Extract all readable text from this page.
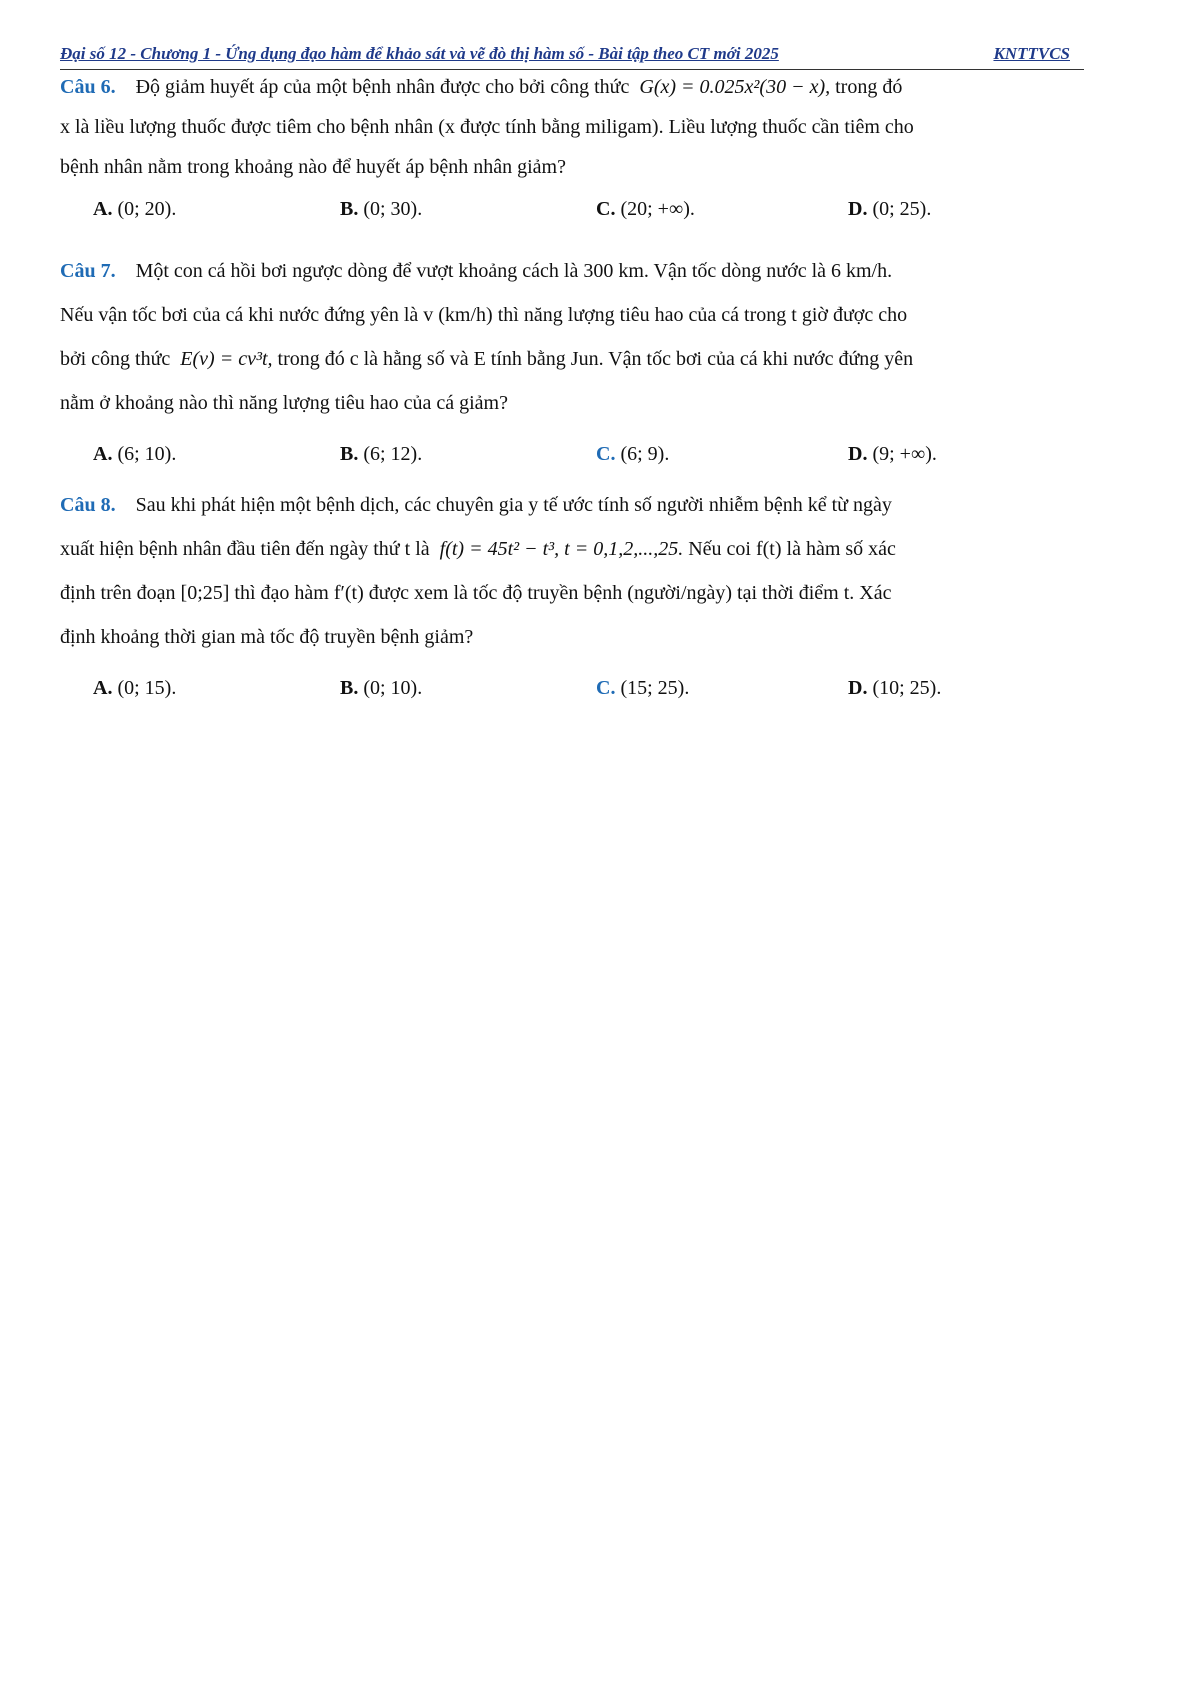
Đại số 12 - Chương 1 - Ứng dụng đạo hàm để khảo sát và vẽ đò thị hàm số - Bài tập theo CT mới 2025	KNTTVCS
Câu 6. Độ giảm huyết áp của một bệnh nhân được cho bởi công thức G(x) = 0.025x²(30 − x), trong đó
x là liều lượng thuốc được tiêm cho bệnh nhân (x được tính bằng miligam). Liều lượng thuốc cần tiêm cho
bệnh nhân nằm trong khoảng nào để huyết áp bệnh nhân giảm?
A. (0; 20).	B. (0; 30).	C. (20; +∞).	D. (0; 25).
Câu 7. Một con cá hồi bơi ngược dòng để vượt khoảng cách là 300 km. Vận tốc dòng nước là 6 km/h.
Nếu vận tốc bơi của cá khi nước đứng yên là v (km/h) thì năng lượng tiêu hao của cá trong t giờ được cho
bởi công thức E(v) = cv³t, trong đó c là hằng số và E tính bằng Jun. Vận tốc bơi của cá khi nước đứng yên
nằm ở khoảng nào thì năng lượng tiêu hao của cá giảm?
A. (6; 10).	B. (6; 12).	C. (6; 9).	D. (9; +∞).
Câu 8. Sau khi phát hiện một bệnh dịch, các chuyên gia y tế ước tính số người nhiễm bệnh kể từ ngày
xuất hiện bệnh nhân đầu tiên đến ngày thứ t là f(t) = 45t² − t³, t = 0,1,2,...,25. Nếu coi f(t) là hàm số xác
định trên đoạn [0;25] thì đạo hàm f′(t) được xem là tốc độ truyền bệnh (người/ngày) tại thời điểm t. Xác
định khoảng thời gian mà tốc độ truyền bệnh giảm?
A. (0; 15).	B. (0; 10).	C. (15; 25).	D. (10; 25).
